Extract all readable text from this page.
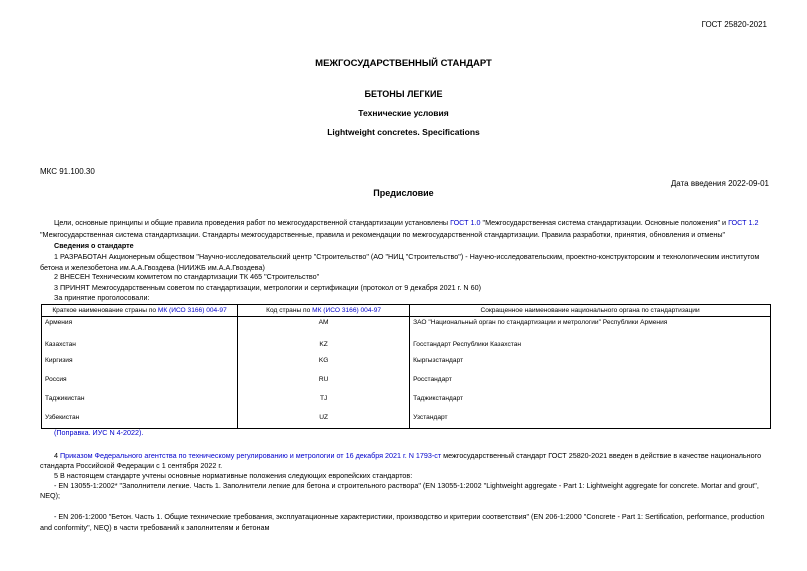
ГОСТ 25820-2021
МЕЖГОСУДАРСТВЕННЫЙ СТАНДАРТ
БЕТОНЫ ЛЕГКИЕ
Технические условия
Lightweight concretes. Specifications
МКС 91.100.30
Дата введения 2022-09-01
Предисловие
Цели, основные принципы и общие правила проведения работ по межгосударственной стандартизации установлены ГОСТ 1.0 "Межгосударственная система стандартизации. Основные положения" и ГОСТ 1.2
"Межгосударственная система стандартизации. Стандарты межгосударственные, правила и рекомендации по межгосударственной стандартизации. Правила разработки, принятия, обновления и отмены"
Сведения о стандарте
1 РАЗРАБОТАН Акционерным обществом "Научно-исследовательский центр "Строительство" (АО "НИЦ "Строительство") - Научно-исследовательским, проектно-конструкторским и технологическим институтом
бетона и железобетона им.А.А.Гвоздева (НИИЖБ им.А.А.Гвоздева)
2 ВНЕСЕН Техническим комитетом по стандартизации ТК 465 "Строительство"
3 ПРИНЯТ Межгосударственным советом по стандартизации, метрологии и сертификации (протокол от 9 декабря 2021 г. N 60)
За принятие проголосовали:
Краткое наименование страны по МК (ИСО 3166) 004-97	Код страны по МК (ИСО 3166) 004-97	Сокращенное наименование национального органа по стандартизации
Армения	AM	ЗАО "Национальный орган по стандартизации и метрологии" Республики Армения
Казахстан	KZ	Госстандарт Республики Казахстан
Киргизия	KG	Кыргызстандарт
Россия	RU	Росстандарт
Таджикистан	TJ	Таджикстандарт
Узбекистан	UZ	Узстандарт
(Поправка. ИУС N 4-2022).
4 Приказом Федерального агентства по техническому регулированию и метрологии от 16 декабря 2021 г. N 1793-ст межгосударственный стандарт ГОСТ 25820-2021 введен в действие в качестве национального
стандарта Российской Федерации с 1 сентября 2022 г.
5 В настоящем стандарте учтены основные нормативные положения следующих европейских стандартов:
- EN 13055-1:2002* "Заполнители легкие. Часть 1. Заполнители легкие для бетона и строительного раствора" (EN 13055-1:2002 "Lightweight aggregate - Part 1: Lightweight aggregate for concrete. Mortar and grout",
NEQ);
- EN 206-1:2000 "Бетон. Часть 1. Общие технические требования, эксплуатационные характеристики, производство и критерии соответствия" (EN 206-1:2000 "Concrete - Part 1: Sertification, performance, production
and conformity", NEQ) в части требований к заполнителям и бетонам
